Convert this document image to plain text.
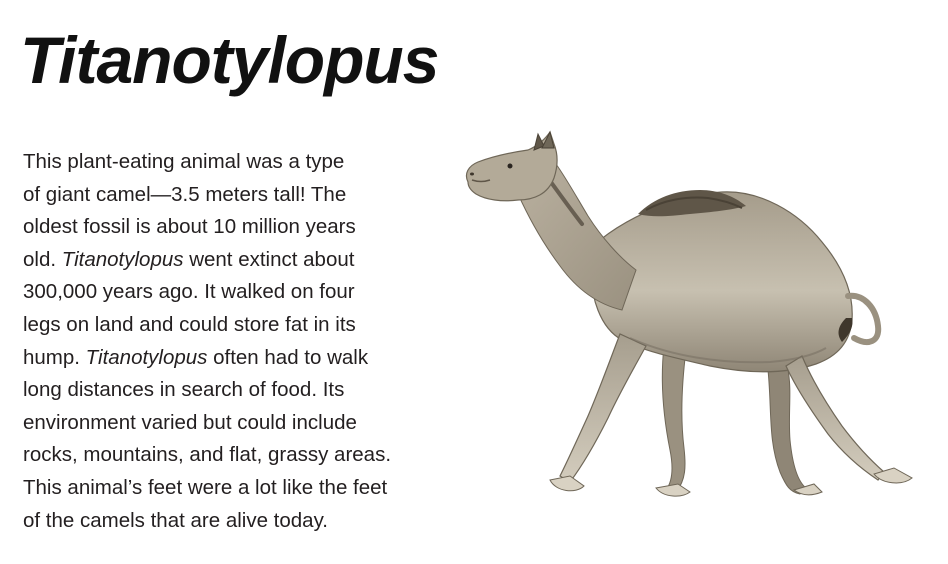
Titanotylopus
This plant-eating animal was a type
of giant camel—3.5 meters tall! The
oldest fossil is about 10 million years
old. Titanotylopus went extinct about
300,000 years ago. It walked on four
legs on land and could store fat in its
hump. Titanotylopus often had to walk
long distances in search of food. Its
environment varied but could include
rocks, mountains, and flat, grassy areas.
This animal’s feet were a lot like the feet
of the camels that are alive today.
